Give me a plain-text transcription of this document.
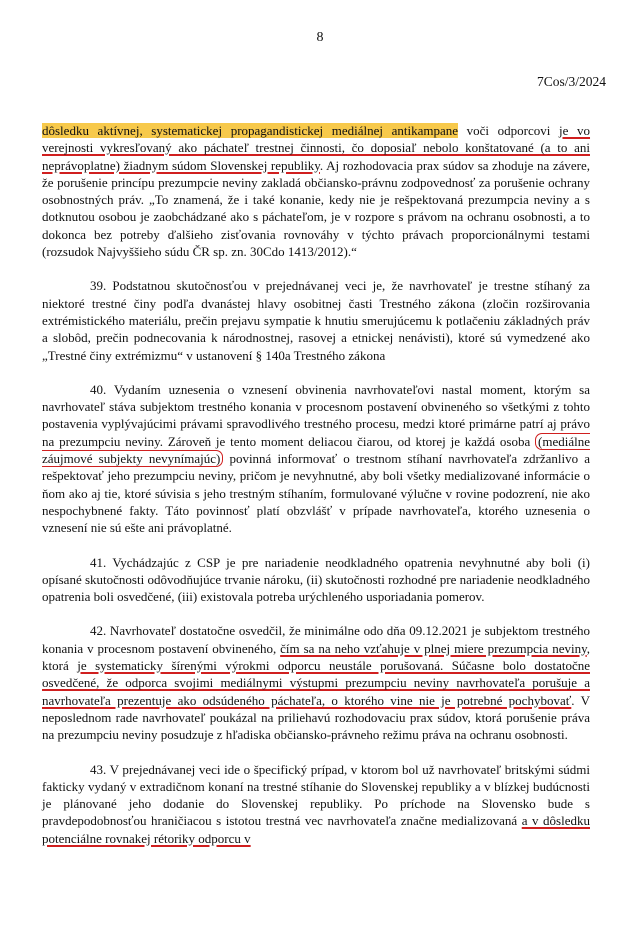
8
7Cos/3/2024

dôsledku aktívnej, systematickej propagandistickej mediálnej antikampane voči odporcovi je vo verejnosti vykresľovaný ako páchateľ trestnej činnosti, čo doposiaľ nebolo konštatované (a to ani neprávoplatne) žiadnym súdom Slovenskej republiky. Aj rozhodovacia prax súdov sa zhoduje na závere, že porušenie princípu prezumpcie neviny zakladá občiansko-právnu zodpovednosť za porušenie ochrany osobnostných práv. „To znamená, že i také konanie, kedy nie je rešpektovaná prezumpcia neviny a s dotknutou osobou je zaobchádzané ako s páchateľom, je v rozpore s právom na ochranu osobnosti, a to dokonca bez potreby ďalšieho zisťovania rovnováhy v týchto právach proporcionálnymi testami (rozsudok Najvyššieho súdu ČR sp. zn. 30Cdo 1413/2012).“

39. Podstatnou skutočnosťou v prejednávanej veci je, že navrhovateľ je trestne stíhaný za niektoré trestné činy podľa dvanástej hlavy osobitnej časti Trestného zákona (zločin rozširovania extrémistického materiálu, prečin prejavu sympatie k hnutiu smerujúcemu k potlačeniu základných práv a slobôd, prečin podnecovania k národnostnej, rasovej a etnickej nenávisti), ktoré sú vymedzené ako „Trestné činy extrémizmu“ v ustanovení § 140a Trestného zákona

40. Vydaním uznesenia o vznesení obvinenia navrhovateľovi nastal moment, ktorým sa navrhovateľ stáva subjektom trestného konania v procesnom postavení obvineného so všetkými z tohto postavenia vyplývajúcimi právami spravodlivého trestného procesu, medzi ktoré primárne patrí aj právo na prezumpciu neviny. Zároveň je tento moment deliacou čiarou, od ktorej je každá osoba (mediálne záujmové subjekty nevynímajúc) povinná informovať o trestnom stíhaní navrhovateľa zdržanlivo a rešpektovať jeho prezumpciu neviny, pričom je nevyhnutné, aby boli všetky medializované informácie o ňom ako aj tie, ktoré súvisia s jeho trestným stíhaním, formulované výlučne v rovine podozrení, nie ako nespochybnené fakty. Táto povinnosť platí obzvlášť v prípade navrhovateľa, ktorého uznesenia o vznesení nie sú ešte ani právoplatné.

41. Vychádzajúc z CSP je pre nariadenie neodkladného opatrenia nevyhnutné aby boli (i) opísané skutočnosti odôvodňujúce trvanie nároku, (ii) skutočnosti rozhodné pre nariadenie neodkladného opatrenia boli osvedčené, (iii) existovala potreba urýchleného usporiadania pomerov.

42. Navrhovateľ dostatočne osvedčil, že minimálne odo dňa 09.12.2021 je subjektom trestného konania v procesnom postavení obvineného, čím sa na neho vzťahuje v plnej miere prezumpcia neviny, ktorá je systematicky šírenými výrokmi odporcu neustále porušovaná. Súčasne bolo dostatočne osvedčené, že odporca svojimi mediálnymi výstupmi prezumpciu neviny navrhovateľa porušuje a navrhovateľa prezentuje ako odsúdeného páchateľa, o ktorého vine nie je potrebné pochybovať. V neposlednom rade navrhovateľ poukázal na priliehavú rozhodovaciu prax súdov, ktorá porušenie práva na prezumpciu neviny posudzuje z hľadiska občiansko-právneho režimu práva na ochranu osobnosti.

43. V prejednávanej veci ide o špecifický prípad, v ktorom bol už navrhovateľ britskými súdmi fakticky vydaný v extradičnom konaní na trestné stíhanie do Slovenskej republiky a v blízkej budúcnosti je plánované jeho dodanie do Slovenskej republiky. Po príchode na Slovensko bude s pravdepodobnosťou hraničiacou s istotou trestná vec navrhovateľa značne medializovaná a v dôsledku potenciálne rovnakej rétoriky odporcu v
